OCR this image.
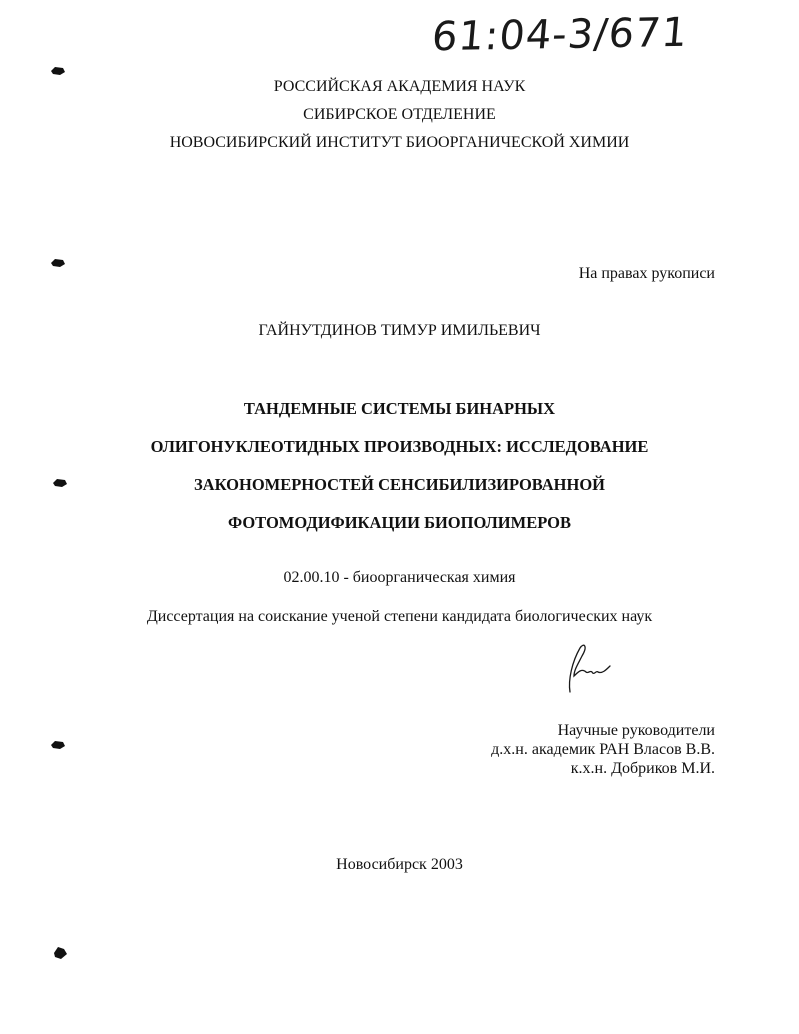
61:04-3/671
РОССИЙСКАЯ АКАДЕМИЯ НАУК
СИБИРСКОЕ ОТДЕЛЕНИЕ
НОВОСИБИРСКИЙ ИНСТИТУТ БИООРГАНИЧЕСКОЙ ХИМИИ
На правах рукописи
ГАЙНУТДИНОВ ТИМУР ИМИЛЬЕВИЧ
ТАНДЕМНЫЕ СИСТЕМЫ БИНАРНЫХ
ОЛИГОНУКЛЕОТИДНЫХ ПРОИЗВОДНЫХ: ИССЛЕДОВАНИЕ
ЗАКОНОМЕРНОСТЕЙ СЕНСИБИЛИЗИРОВАННОЙ
ФОТОМОДИФИКАЦИИ БИОПОЛИМЕРОВ
02.00.10 - биоорганическая химия
Диссертация на соискание ученой степени кандидата биологических наук
Научные руководители
д.х.н. академик РАН Власов В.В.
к.х.н. Добриков М.И.
Новосибирск 2003
